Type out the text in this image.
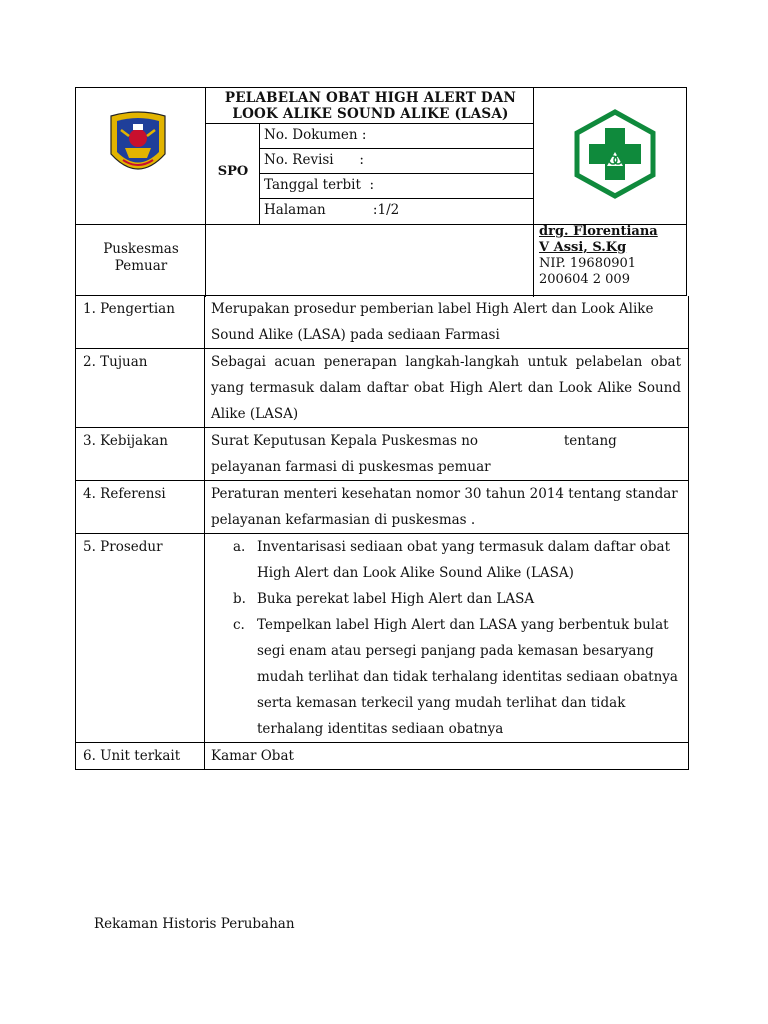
PELABELAN OBAT HIGH ALERT DAN
LOOK ALIKE SOUND ALIKE (LASA)
SPO
No. Dokumen :
No. Revisi      :
Tanggal terbit  :
Halaman           :1/2
Puskesmas
Pemuar
drg. Florentiana
V Assi, S.Kg
NIP. 19680901
200604 2 009
1. Pengertian	Merupakan prosedur pemberian label High Alert dan Look Alike Sound Alike (LASA) pada sediaan Farmasi
2. Tujuan	Sebagai acuan penerapan langkah-langkah untuk pelabelan obat yang termasuk dalam daftar obat High Alert dan Look Alike Sound Alike (LASA)
3. Kebijakan	Surat Keputusan Kepala Puskesmas no                    tentang pelayanan farmasi di puskesmas pemuar
4. Referensi	Peraturan menteri kesehatan nomor 30 tahun 2014 tentang standar pelayanan kefarmasian di puskesmas .
5. Prosedur	a. Inventarisasi sediaan obat yang termasuk dalam daftar obat High Alert dan Look Alike Sound Alike (LASA)
b. Buka perekat label High Alert dan LASA
c. Tempelkan label High Alert dan LASA yang berbentuk bulat segi enam atau persegi panjang pada kemasan besaryang mudah terlihat dan tidak terhalang identitas sediaan obatnya serta kemasan terkecil yang mudah terlihat dan tidak terhalang identitas sediaan obatnya
6. Unit terkait	Kamar Obat
Rekaman Historis Perubahan
